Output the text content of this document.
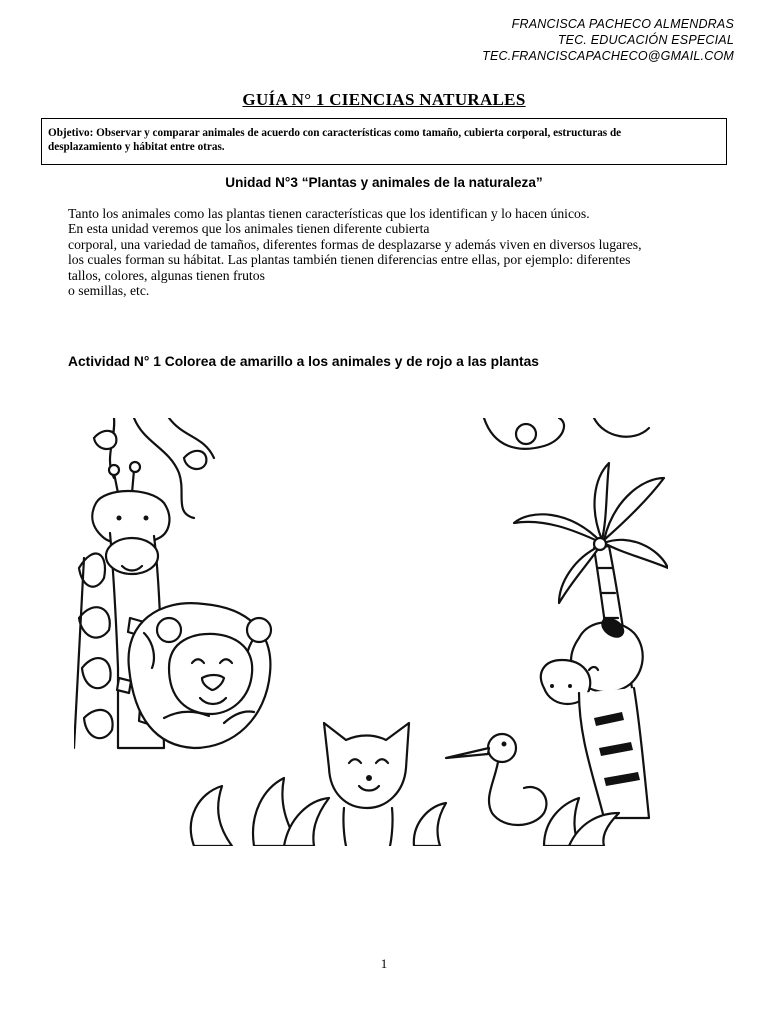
FRANCISCA PACHECO ALMENDRAS
TEC. EDUCACIÓN ESPECIAL
TEC.FRANCISCAPACHECO@GMAIL.COM
GUÍA N° 1 CIENCIAS NATURALES
Objetivo: Observar y comparar animales de acuerdo con características como tamaño, cubierta corporal, estructuras de
desplazamiento y hábitat entre otras.
Unidad N°3 “Plantas y animales de la naturaleza”
Tanto los animales como las plantas tienen características que los identifican y lo hacen únicos.
En esta unidad veremos que los animales tienen diferente cubierta
corporal, una variedad de tamaños, diferentes formas de desplazarse y además viven en diversos lugares,
los cuales forman su hábitat. Las plantas también tienen diferencias entre ellas, por ejemplo: diferentes
tallos, colores, algunas tienen frutos
o semillas, etc.
Actividad N° 1 Colorea de amarillo a los animales y de rojo a las plantas
1
